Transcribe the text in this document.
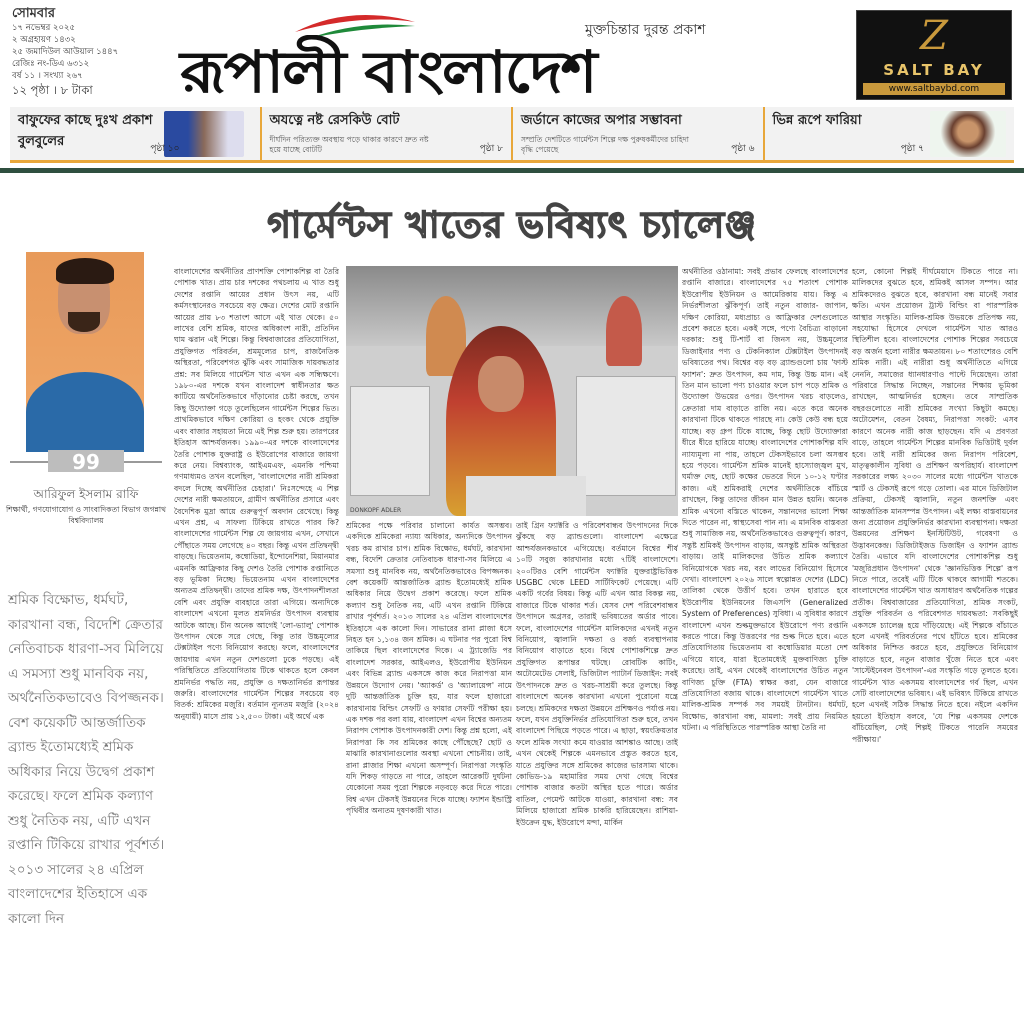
সোমবার
১৭ নভেম্বর ২০২৫
২ অগ্রহায়ণ ১৪৩২
২৫ জমাদিউল আউয়াল ১৪৪৭
রেজিঃ নং-ডিএ ৬৩১২
বর্ষ ১১ । সংখ্যা ২৬৭
১২ পৃষ্ঠা । ৮ টাকা	রূপালী বাংলাদেশ
মুক্তচিন্তার দুরন্ত প্রকাশ	Z
SALT BAY
www.saltbaybd.com
বাফুফের কাছে দুঃখ প্রকাশ বুলবুলের	পৃষ্ঠা ১০
অযত্নে নষ্ট রেসকিউ বোট
দীর্ঘদিন পরিত্যক্ত অবস্থায় পড়ে থাকার কারণে দ্রুত নষ্ট হয়ে যাচ্ছে বোটটি	পৃষ্ঠা ৮
জর্ডানে কাজের অপার সম্ভাবনা
সম্প্রতি দেশটিতে গার্মেন্টস শিল্পে দক্ষ পুরুষকর্মীদের চাহিদা বৃদ্ধি পেয়েছে	পৃষ্ঠা ৬
ভিন্ন রূপে ফারিয়া
পৃষ্ঠা ৭
গার্মেন্টস খাতের ভবিষ্যৎ চ্যালেঞ্জ
99
আরিফুল ইসলাম রাফি
শিক্ষার্থী, গণযোগাযোগ ও সাংবাদিকতা বিভাগ জগন্নাথ বিশ্ববিদ্যালয়
শ্রমিক বিক্ষোভ, ধর্মঘট, কারখানা বন্ধ, বিদেশি ক্রেতার নেতিবাচক ধারণা-সব মিলিয়ে এ সমস্যা শুধু মানবিক নয়, অর্থনৈতিকভাবেও বিপজ্জনক। বেশ কয়েকটি আন্তর্জাতিক ব্র্যান্ড ইতোমধ্যেই শ্রমিক অধিকার নিয়ে উদ্বেগ প্রকাশ করেছে। ফলে শ্রমিক কল্যাণ শুধু নৈতিক নয়, এটি এখন রপ্তানি টিকিয়ে রাখার পূর্বশর্ত। ২০১৩ সালের ২৪ এপ্রিল বাংলাদেশের ইতিহাসে এক কালো দিন
বাংলাদেশের অর্থনীতির প্রাণশক্তি পোশাকশিল্প বা তৈরি পোশাক খাত। প্রায় চার দশকের পথচলায় এ খাত শুধু দেশের রপ্তানি আয়ের প্রধান উৎস নয়, এটি কর্মসংস্থানেরও সবচেয়ে বড় ক্ষেত্র। দেশের মোট রপ্তানি আয়ের প্রায় ৮৩ শতাংশ আসে এই খাত থেকে। ৫০ লাখের বেশি শ্রমিক, যাদের অধিকাংশ নারী, প্রতিদিন ঘাম ঝরান এই শিল্পে। কিন্তু বিশ্ববাজারের প্রতিযোগিতা, প্রযুক্তিগত পরিবর্তন, শ্রমমূল্যের চাপ, রাজনৈতিক অস্থিরতা, পরিবেশগত ঝুঁকি এবং সামাজিক দায়বদ্ধতার প্রশ্ন: সব মিলিয়ে গার্মেন্টস খাত এখন এক সন্ধিক্ষণে। ১৯৮০-এর দশকে যখন বাংলাদেশ স্বাধীনতার ক্ষত কাটিয়ে অর্থনৈতিকভাবে দাঁড়ানোর চেষ্টা করছে, তখন কিছু উদ্যোক্তা গড়ে তুলেছিলেন গার্মেন্টস শিল্পের ভিত। প্রাথমিকভাবে দক্ষিণ কোরিয়া ও হংকং থেকে প্রযুক্তি এবং বাজার সহায়তা নিয়ে এই শিল্প শুরু হয়। তারপরের ইতিহাস আশ্চর্যজনক। ১৯৯০-এর দশকে বাংলাদেশের তৈরি পোশাক যুক্তরাষ্ট্র ও ইউরোপের বাজারে জায়গা করে নেয়। বিশ্বব্যাংক, আইএমএফ, এমনকি পশ্চিমা গণমাধ্যমও তখন বলেছিল, 'বাংলাদেশের নারী শ্রমিকরা বদলে দিচ্ছে অর্থনীতির চেহারা।' নিঃসন্দেহে এ শিল্প দেশের নারী ক্ষমতায়নে, গ্রামীণ অর্থনীতির প্রসারে এবং বৈদেশিক মুদ্রা আয়ে গুরুত্বপূর্ণ অবদান রেখেছে। কিন্তু এখন প্রশ্ন, এ সাফল্য টিকিয়ে রাখতে পারব কি? বাংলাদেশের গার্মেন্টস শিল্প যে জায়গায় এখন, সেখানে পৌঁছাতে সময় লেগেছে ৪০ বছর। কিন্তু এখন প্রতিদ্বন্দ্বী বাড়ছে। ভিয়েতনাম, কম্বোডিয়া, ইন্দোনেশিয়া, মিয়ানমার এমনকি আফ্রিকার কিছু দেশও তৈরি পোশাক রপ্তানিতে বড় ভূমিকা নিচ্ছে। ভিয়েতনাম এখন বাংলাদেশের অন্যতম প্রতিদ্বন্দ্বী। তাদের শ্রমিক দক্ষ, উৎপাদনশীলতা বেশি এবং প্রযুক্তি ব্যবহারে তারা এগিয়ে। অন্যদিকে বাংলাদেশ এখনো মূলত শ্রমনির্ভর উৎপাদন ব্যবস্থায় আটকে আছে। চীন অনেক আগেই 'লো-ভ্যালু' পোশাক উৎপাদন থেকে সরে গেছে, কিন্তু তার উচ্চমূল্যের টেক্সটাইল পণ্যে বিনিয়োগ করছে। ফলে, বাংলাদেশের জায়গায় এখন নতুন দেশগুলো ঢুকে পড়ছে। এই পরিস্থিতিতে প্রতিযোগিতায় টিকে থাকতে হলে কেবল শ্রমনির্ভর পদ্ধতি নয়, প্রযুক্তি ও দক্ষতানির্ভর রূপান্তর জরুরি। বাংলাদেশের গার্মেন্টস শিল্পের সবচেয়ে বড় বিতর্ক: শ্রমিকের মজুরি। বর্তমান ন্যূনতম মজুরি (২০২৪ অনুযায়ী) মাসে প্রায় ১২,৫০০ টাকা। এই অর্থে এক
DONKOPF ADLER
শ্রমিকের পক্ষে পরিবার চালানো কার্যত অসম্ভব। একদিকে শ্রমিকেরা ন্যায্য অধিকার, অন্যদিকে উৎপাদন খরচ কম রাখার চাপ। শ্রমিক বিক্ষোভ, ধর্মঘট, কারখানা বন্ধ, বিদেশি ক্রেতার নেতিবাচক ধারণা-সব মিলিয়ে এ সমস্যা শুধু মানবিক নয়, অর্থনৈতিকভাবেও বিপজ্জনক। বেশ কয়েকটি আন্তর্জাতিক ব্র্যান্ড ইতোমধ্যেই শ্রমিক অধিকার নিয়ে উদ্বেগ প্রকাশ করেছে। ফলে শ্রমিক কল্যাণ শুধু নৈতিক নয়, এটি এখন রপ্তানি টিকিয়ে রাখার পূর্বশর্ত। ২০১৩ সালের ২৪ এপ্রিল বাংলাদেশের ইতিহাসে এক কালো দিন। সাভারের রানা প্লাজা ধসে নিহত হন ১,১৩৪ জন শ্রমিক। এ ঘটনার পর পুরো বিশ্ব তাকিয়ে ছিল বাংলাদেশের দিকে। এ ট্র্যাজেডি পর বাংলাদেশ সরকার, আইএলও, ইউরোপীয় ইউনিয়ন এবং বিভিন্ন ব্র্যান্ড একসঙ্গে কাজ করে নিরাপত্তা মান উন্নয়নে উদ্যোগ নেয়। 'অ্যাকর্ড' ও 'অ্যালায়েন্স' নামে দুটি আন্তর্জাতিক চুক্তি হয়, যার ফলে হাজারো কারখানায় বিল্ডিং সেফটি ও ফায়ার সেফটি পরীক্ষা হয়। এক দশক পর বলা যায়, বাংলাদেশ এখন বিশ্বের অন্যতম নিরাপদ পোশাক উৎপাদনকারী দেশ। কিন্তু প্রশ্ন হলো, এই নিরাপত্তা কি সব শ্রমিকের কাছে পৌঁছেছে? ছোট ও মাঝারি কারখানাগুলোর অবস্থা এখনো শোচনীয়। তাই, রানা প্লাজার শিক্ষা এখনো অসম্পূর্ণ। নিরাপত্তা সংস্কৃতি যদি শিকড় গাড়তে না পারে, তাহলে আরেকটি দুর্ঘটনা যেকোনো সময় পুরো শিল্পকে নড়বড়ে করে দিতে পারে। বিশ্ব এখন টেকসই উন্নয়নের দিকে যাচ্ছে। ফ্যাশন ইন্ডাস্ট্রি পৃথিবীর অন্যতম দূষণকারী খাত।
তাই গ্রিন ফ্যাক্টরি ও পরিবেশবান্ধব উৎপাদনের দিকে ঝুঁকছে বড় ব্র্যান্ডগুলো। বাংলাদেশ এক্ষেত্রে আশ্চর্যজনকভাবে এগিয়েছে। বর্তমানে বিশ্বের শীর্ষ ১০টি সবুজ কারখানার মধ্যে ৭টিই বাংলাদেশে। ২০০টিরও বেশি গার্মেন্টস ফ্যাক্টরি যুক্তরাষ্ট্রভিত্তিক USGBC থেকে LEED সার্টিফিকেট পেয়েছে। এটি একটি গর্বের বিষয়। কিন্তু এটি এখন আর বিকল্প নয়, বাজারে টিকে থাকার শর্ত। যেসব দেশ পরিবেশবান্ধব উৎপাদনে অগ্রসর, তারাই ভবিষ্যতের অর্ডার পাবে। ফলে, বাংলাদেশের গার্মেন্টস মালিকদের এখনই নতুন বিনিয়োগ, জ্বালানি দক্ষতা ও বর্জ্য ব্যবস্থাপনায় বিনিয়োগ বাড়াতে হবে। বিশ্বে পোশাকশিল্পে দ্রুত প্রযুক্তিগত রূপান্তর ঘটছে। রোবটিক কাটিং, অটোমেটেড সেলাই, ডিজিটাল প্যাটার্ন ডিজাইন: সবই উৎপাদনকে দ্রুত ও খরচ-সাশ্রয়ী করে তুলছে। কিন্তু বাংলাদেশে অনেক কারখানা এখনো পুরোনো যন্ত্রে চলছে। শ্রমিকদের দক্ষতা উন্নয়নে প্রশিক্ষণও পর্যাপ্ত নয়। ফলে, যখন প্রযুক্তিনির্ভর প্রতিযোগিতা শুরু হবে, তখন বাংলাদেশ পিছিয়ে পড়তে পারে। এ ছাড়া, স্বয়ংক্রিয়তার ফলে শ্রমিক সংখ্যা কমে যাওয়ার আশঙ্কাও আছে। তাই এখন থেকেই শিল্পকে এমনভাবে প্রস্তুত করতে হবে, যাতে প্রযুক্তির সঙ্গে শ্রমিকের কাজের ভারসাম্য থাকে। কোভিড-১৯ মহামারির সময় দেখা গেছে বিশ্বের পোশাক বাজার কতটা অস্থির হতে পারে। অর্ডার বাতিল, পেমেন্ট আটকে যাওয়া, কারখানা বন্ধ: সব মিলিয়ে হাজারো শ্রমিক চাকরি হারিয়েছেন। রাশিয়া-ইউক্রেন যুদ্ধ, ইউরোপে মন্দা, মার্কিন
অর্থনীতির ওঠানামা: সবই প্রভাব ফেলছে বাংলাদেশের রপ্তানি বাজারে। বাংলাদেশের ৭৫ শতাংশ পোশাক ইউরোপীয় ইউনিয়ন ও আমেরিকায় যায়। কিন্তু এ নির্ভরশীলতা ঝুঁকিপূর্ণ। তাই নতুন বাজার- জাপান, দক্ষিণ কোরিয়া, মধ্যপ্রাচ্য ও আফ্রিকার দেশগুলোতে প্রবেশ করতে হবে। একই সঙ্গে, পণ্যে বৈচিত্র্য বাড়ানো দরকার: শুধু টি-শার্ট বা জিনস নয়, উচ্চমূল্যের ডিজাইনার পণ্য ও টেকনিক্যাল টেক্সটাইল উৎপাদনই ভবিষ্যতের পথ। বিশ্বের বড় বড় ব্র্যান্ডগুলো চায় 'ফাস্ট ফ্যাশন': দ্রুত উৎপাদন, কম দাম, কিন্তু উচ্চ মান। এই তিন মান ভালো পণ্য চাওয়ার ফলে চাপ পড়ে শ্রমিক ও উদ্যোক্তা উভয়ের ওপর। উৎপাদন খরচ বাড়লেও, ক্রেতারা দাম বাড়াতে রাজি নয়। এতে করে অনেক কারখানা টিকে থাকতে পারছে না। কেউ কেউ বন্ধ হয়ে যাচ্ছে। বড় গ্রুপ টিকে যাচ্ছে, কিন্তু ছোট উদ্যোক্তারা ধীরে ধীরে হারিয়ে যাচ্ছে। বাংলাদেশের পোশাকশিল্প যদি ন্যায্যমূল্য না পায়, তাহলে টেকসইভাবে চলা অসম্ভব হয়ে পড়বে। গার্মেন্টস শ্রমিক মানেই হাস্যোজ্জ্বল মুখ, ঘর্মাক্ত দেহ, ছোট কক্ষের ভেতরে দিনে ১০-১২ ঘণ্টার কাজ। এই শ্রমিকরাই দেশের অর্থনীতিকে বাঁচিয়ে রাখছেন, কিন্তু তাদের জীবন মান উন্নত হয়নি। অনেক শ্রমিক এখনো বস্তিতে থাকেন, সন্তানদের ভালো শিক্ষা দিতে পারেন না, স্বাস্থ্যসেবা পান না। এ মানবিক বাস্তবতা শুধু সামাজিক নয়, অর্থনৈতিকভাবেও গুরুত্বপূর্ণ। কারণ, সন্তুষ্ট শ্রমিকই উৎপাদন বাড়ায়, অসন্তুষ্ট শ্রমিক অস্থিরতা বাড়ায়। তাই মালিকদের উচিত শ্রমিক কল্যাণে বিনিয়োগকে খরচ নয়, বরং লাভের বিনিয়োগ হিসেবে দেখা। বাংলাদেশ ২০২৬ সালে স্বল্পোন্নত দেশের (LDC) তালিকা থেকে উত্তীর্ণ হবে। তখন হারাতে হবে ইউরোপীয় ইউনিয়নের জিএসপি (Generalized System of Preferences) সুবিধা। এ সুবিধার কারণে বাংলাদেশ এখন শুল্কমুক্তভাবে ইউরোপে পণ্য রপ্তানি করতে পারে। কিন্তু উত্তরণের পর শুল্ক দিতে হবে। এতে প্রতিযোগিতায় ভিয়েতনাম বা কম্বোডিয়ার মতো দেশ এগিয়ে যাবে, যারা ইতোমধ্যেই মুক্তবাণিজ্য চুক্তি করেছে। তাই, এখন থেকেই বাংলাদেশের উচিত নতুন বাণিজ্য চুক্তি (FTA) স্বাক্ষর করা, যেন বাজারে প্রতিযোগিতা বজায় থাকে। বাংলাদেশে গার্মেন্টস খাতে মালিক-শ্রমিক সম্পর্ক সব সময়ই টানটান। ধর্মঘট, বিক্ষোভ, কারখানা বন্ধ, মামলা: সবই প্রায় নিয়মিত ঘটনা। এ পরিস্থিতিতে পারস্পরিক আস্থা তৈরি না
হলে, কোনো শিল্পই দীর্ঘমেয়াদে টিকতে পারে না। মালিকদের বুঝতে হবে, শ্রমিকই আসল সম্পদ। আর শ্রমিকদেরও বুঝতে হবে, কারখানা বন্ধ মানেই সবার ক্ষতি। এখন প্রয়োজন ট্রাস্ট বিল্ডিং বা পারস্পরিক আস্থার সংস্কৃতি। মালিক-শ্রমিক উভয়কে প্রতিপক্ষ নয়, সহযোদ্ধা হিসেবে দেখলে গার্মেন্টস খাত আরও স্থিতিশীল হবে। বাংলাদেশের পোশাক শিল্পের সবচেয়ে বড় অর্জন হলো নারীর ক্ষমতায়ন। ৮০ শতাংশেরও বেশি শ্রমিক নারী। এই নারীরা শুধু অর্থনীতিতে এগিয়ে নেননি, সমাজের ধ্যানধারণাও পাল্টে দিয়েছেন। তারা পরিবারে সিদ্ধান্ত নিচ্ছেন, সন্তানের শিক্ষায় ভূমিকা রাখছেন, আত্মনির্ভর হচ্ছেন। তবে সাম্প্রতিক বছরগুলোতে নারী শ্রমিকের সংখ্যা কিছুটা কমছে। অটোমেশন, বেতন বৈষম্য, নিরাপত্তা সংকট: এসব কারণে অনেক নারী কাজ ছাড়ছেন। যদি এ প্রবণতা বাড়ে, তাহলে গার্মেন্টস শিল্পের মানবিক ভিত্তিটাই দুর্বল হবে। তাই নারী শ্রমিকের জন্য নিরাপদ পরিবেশ, মাতৃত্বকালীন সুবিধা ও প্রশিক্ষণ অপরিহার্য। বাংলাদেশ সরকারের লক্ষ্য ২০৩০ সালের মধ্যে গার্মেন্টস খাতকে স্মার্ট ও টেকসই রূপে গড়ে তোলা। এর মানে ডিজিটাল প্রক্রিয়া, টেকসই জ্বালানি, নতুন জনশক্তি এবং আন্তর্জাতিক মানসম্পন্ন উৎপাদন। এই লক্ষ্য বাস্তবায়নের জন্য প্রয়োজন প্রযুক্তিনির্ভর কারখানা ব্যবস্থাপনা। দক্ষতা উন্নয়নের প্রশিক্ষণ ইনস্টিটিউট, গবেষণা ও উদ্ভাবনকেন্দ্র। ডিজিটাইজড ডিজাইন ও ফ্যাশন ব্র্যান্ড তৈরি। এভাবে যদি বাংলাদেশের পোশাকশিল্প শুধু 'মজুরিপ্রধান উৎপাদন' থেকে 'জ্ঞানভিত্তিক শিল্পে' রূপ নিতে পারে, তবেই এটি টিকে থাকবে আগামী শতকে। বাংলাদেশের গার্মেন্টস খাত অসাধারণ অর্থনৈতিক গল্পের প্রতীক। বিশ্ববাজারের প্রতিযোগিতা, শ্রমিক সংকট, প্রযুক্তি পরিবর্তন ও পরিবেশগত দায়বদ্ধতা: সবকিছুই একসঙ্গে চ্যালেঞ্জ হয়ে দাঁড়িয়েছে। এই শিল্পকে বাঁচাতে হলে এখনই পরিবর্তনের পথে হাঁটতে হবে। শ্রমিকের অধিকার নিশ্চিত করতে হবে, প্রযুক্তিতে বিনিয়োগ বাড়াতে হবে, নতুন বাজার খুঁজে নিতে হবে এবং 'সাস্টেইনেবল উৎপাদন'-এর সংস্কৃতি গড়ে তুলতে হবে। গার্মেন্টস খাত একসময় বাংলাদেশের গর্ব ছিল, এখন সেটি বাংলাদেশের ভবিষ্যৎ। এই ভবিষ্যৎ টিকিয়ে রাখতে হলে এখনই সঠিক সিদ্ধান্ত নিতে হবে। নইলে একদিন হয়তো ইতিহাস বলবে, 'যে শিল্প একসময় দেশকে বাঁচিয়েছিল, সেই শিল্পই টিকতে পারেনি সময়ের পরীক্ষায়।'
